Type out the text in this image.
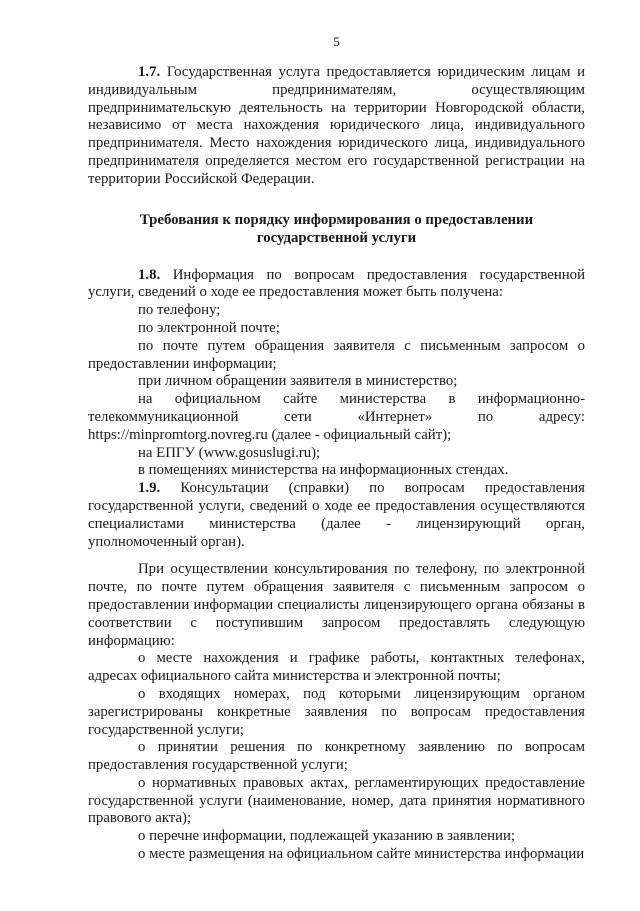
5

1.7. Государственная услуга предоставляется юридическим лицам и индивидуальным предпринимателям, осуществляющим предпринимательскую деятельность на территории Новгородской области, независимо от места нахождения юридического лица, индивидуального предпринимателя. Место нахождения юридического лица, индивидуального предпринимателя определяется местом его государственной регистрации на территории Российской Федерации.

Требования к порядку информирования о предоставлении государственной услуги

1.8. Информация по вопросам предоставления государственной услуги, сведений о ходе ее предоставления может быть получена:

по телефону;

по электронной почте;

по почте путем обращения заявителя с письменным запросом о предоставлении информации;

при личном обращении заявителя в министерство;

на официальном сайте министерства в информационно-телекоммуникационной сети «Интернет» по адресу: https://minpromtorg.novreg.ru (далее - официальный сайт);

на ЕПГУ (www.gosuslugi.ru);

в помещениях министерства на информационных стендах.

1.9. Консультации (справки) по вопросам предоставления государственной услуги, сведений о ходе ее предоставления осуществляются специалистами министерства (далее - лицензирующий орган, уполномоченный орган).

При осуществлении консультирования по телефону, по электронной почте, по почте путем обращения заявителя с письменным запросом о предоставлении информации специалисты лицензирующего органа обязаны в соответствии с поступившим запросом предоставлять следующую информацию:

о месте нахождения и графике работы, контактных телефонах, адресах официального сайта министерства и электронной почты;

о входящих номерах, под которыми лицензирующим органом зарегистрированы конкретные заявления по вопросам предоставления государственной услуги;

о принятии решения по конкретному заявлению по вопросам предоставления государственной услуги;

о нормативных правовых актах, регламентирующих предоставление государственной услуги (наименование, номер, дата принятия нормативного правового акта);

о перечне информации, подлежащей указанию в заявлении;

о месте размещения на официальном сайте министерства информации
